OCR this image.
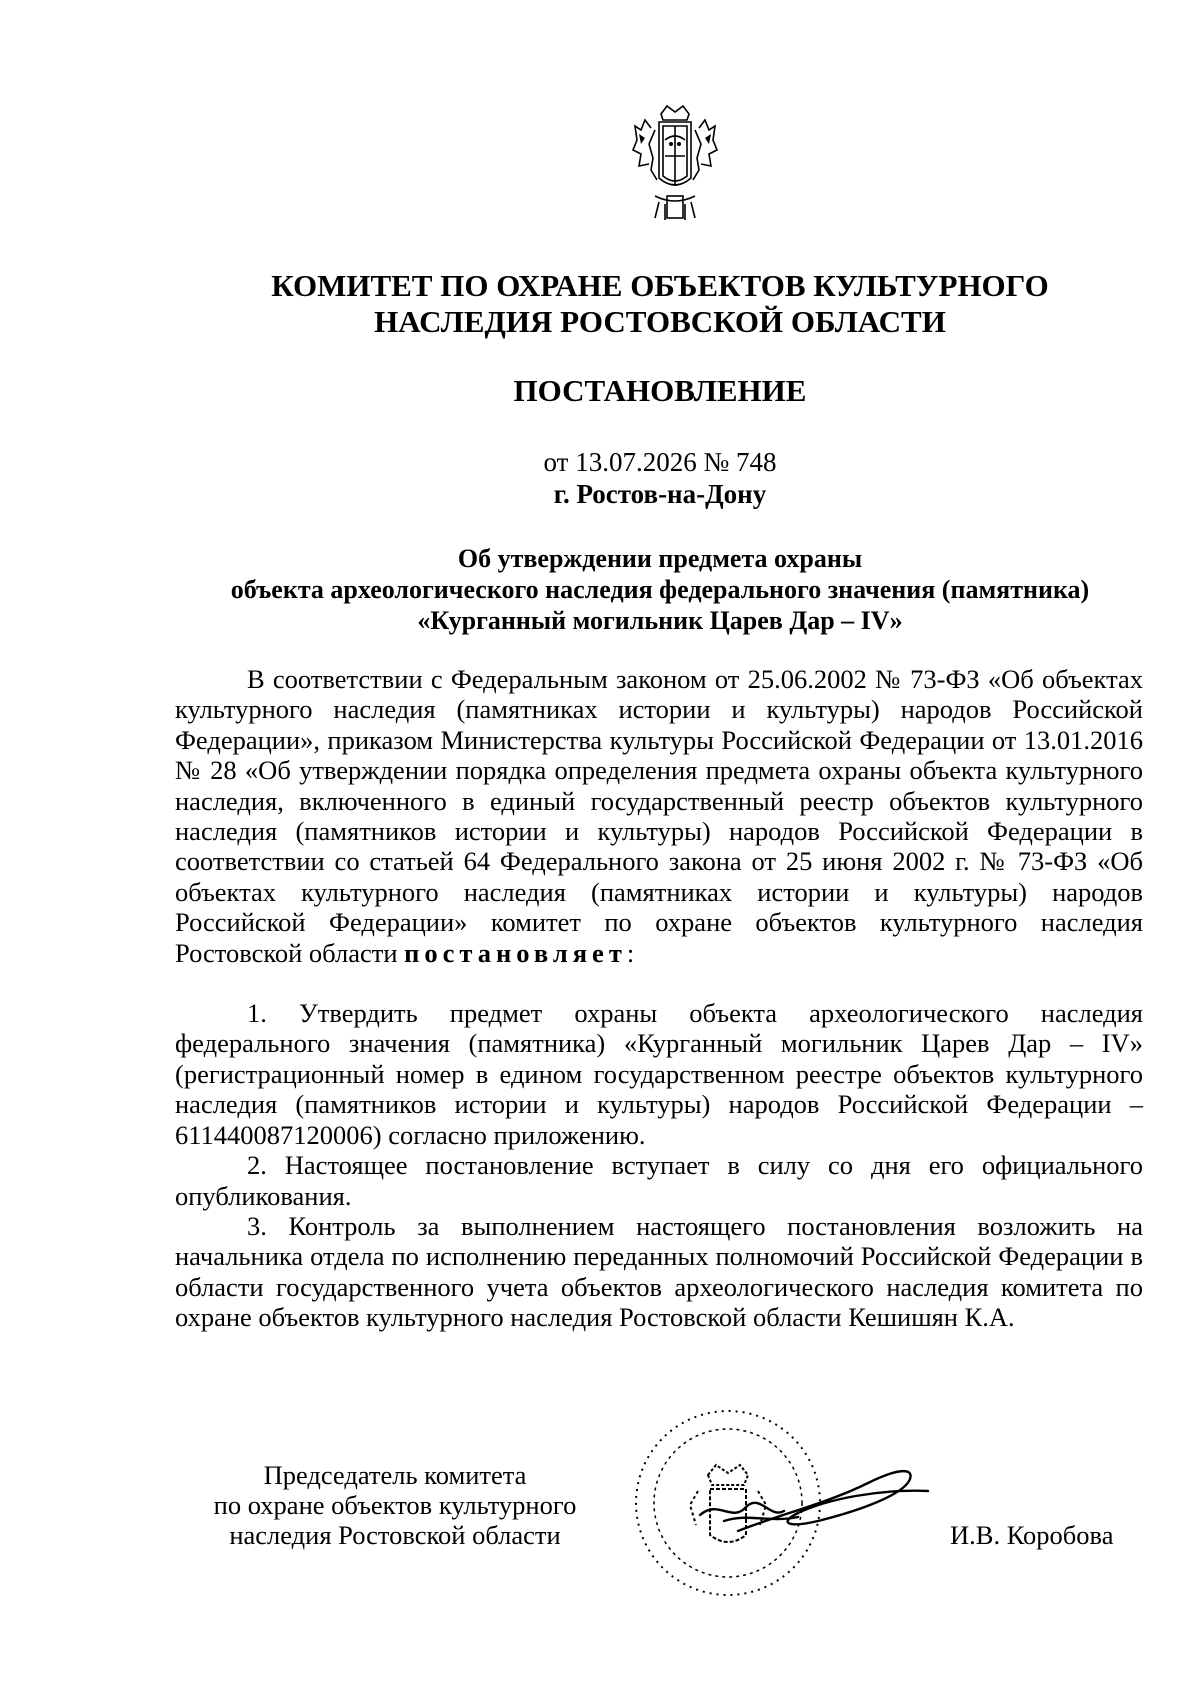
КОМИТЕТ ПО ОХРАНЕ ОБЪЕКТОВ КУЛЬТУРНОГО
НАСЛЕДИЯ РОСТОВСКОЙ ОБЛАСТИ
ПОСТАНОВЛЕНИЕ
от 13.07.2026 № 748
г. Ростов-на-Дону
Об утверждении предмета охраны
объекта археологического наследия федерального значения (памятника)
«Курганный могильник Царев Дар – IV»

В соответствии с Федеральным законом от 25.06.2002 № 73-ФЗ «Об объектах культурного наследия (памятниках истории и культуры) народов Российской Федерации», приказом Министерства культуры Российской Федерации от 13.01.2016 № 28 «Об утверждении порядка определения предмета охраны объекта культурного наследия, включенного в единый государственный реестр объектов культурного наследия (памятников истории и культуры) народов Российской Федерации в соответствии со статьей 64 Федерального закона от 25 июня 2002 г. № 73-ФЗ «Об объектах культурного наследия (памятниках истории и культуры) народов Российской Федерации» комитет по охране объектов культурного наследия Ростовской области постановляет:

1. Утвердить предмет охраны объекта археологического наследия федерального значения (памятника) «Курганный могильник Царев Дар – IV» (регистрационный номер в едином государственном реестре объектов культурного наследия (памятников истории и культуры) народов Российской Федерации – 611440087120006) согласно приложению.

2. Настоящее постановление вступает в силу со дня его официального опубликования.

3. Контроль за выполнением настоящего постановления возложить на начальника отдела по исполнению переданных полномочий Российской Федерации в области государственного учета объектов археологического наследия комитета по охране объектов культурного наследия Ростовской области Кешишян К.А.

Председатель комитета
по охране объектов культурного
наследия Ростовской области	И.В. Коробова
